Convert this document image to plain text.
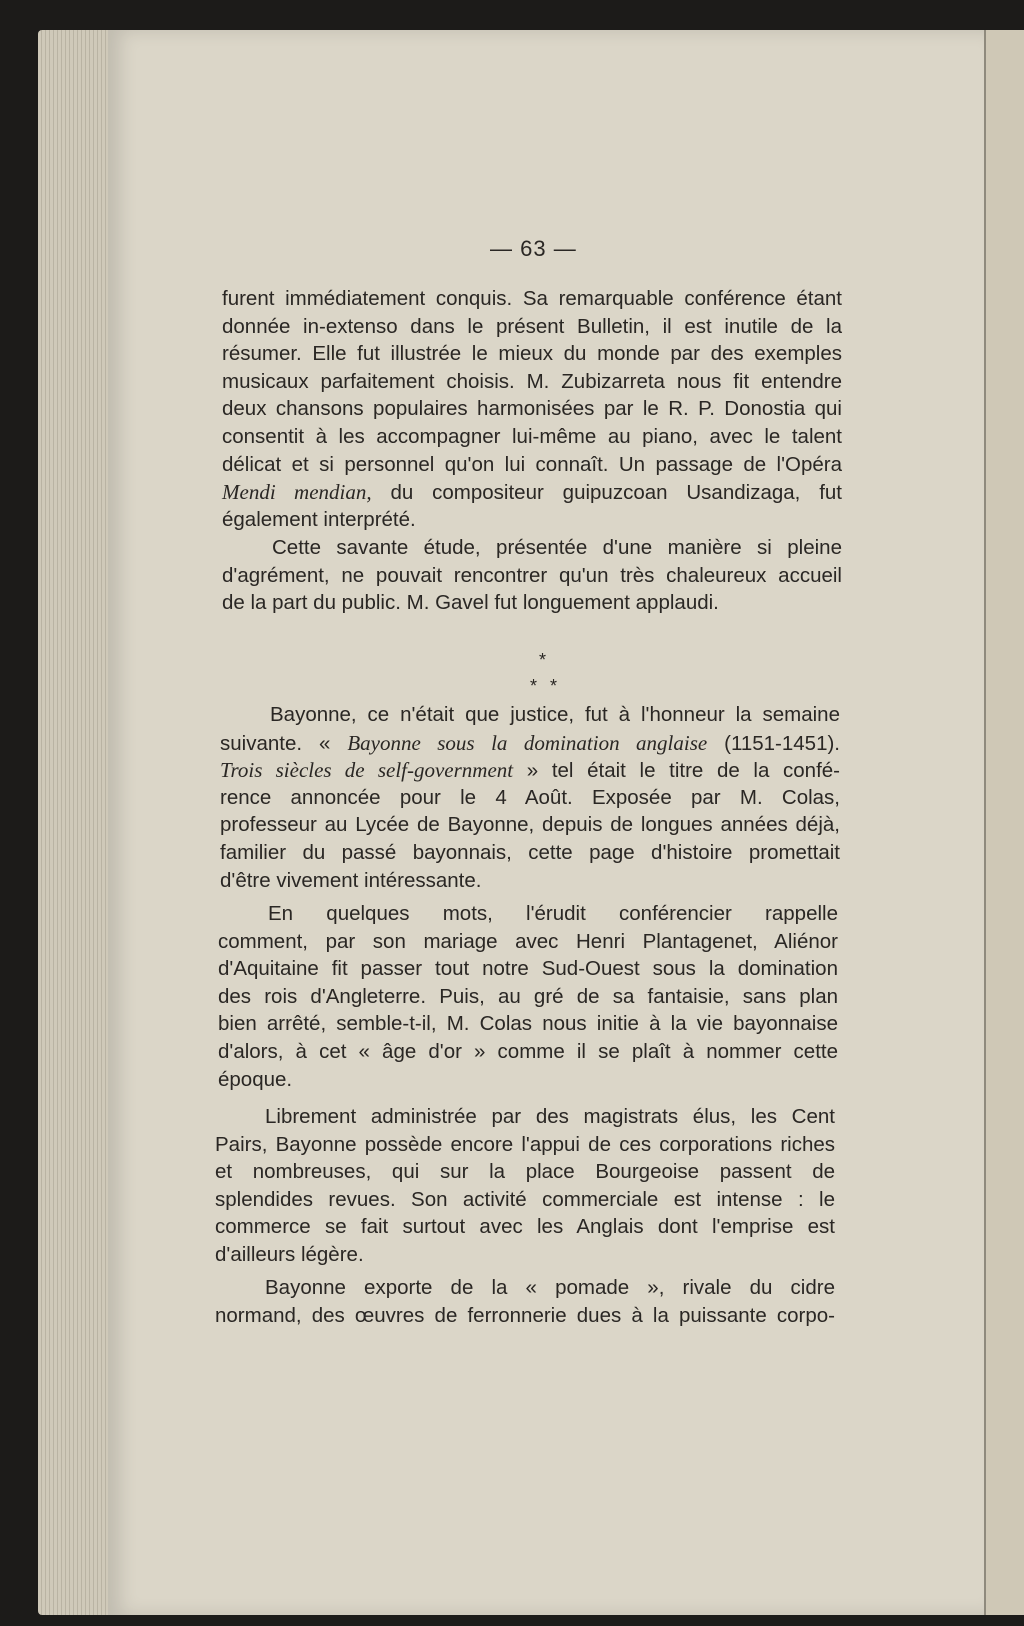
— 63 —
*
* *
furent immédiatement conquis. Sa remarquable conférence étant
donnée in-extenso dans le présent Bulletin, il est inutile de la
résumer. Elle fut illustrée le mieux du monde par des exemples
musicaux parfaitement choisis. M. Zubizarreta nous fit entendre
deux chansons populaires harmonisées par le R. P. Donostia qui
consentit à les accompagner lui-même au piano, avec le talent
délicat et si personnel qu'on lui connaît. Un passage de l'Opéra
Mendi mendian, du compositeur guipuzcoan Usandizaga, fut
également interprété.
Cette savante étude, présentée d'une manière si pleine
d'agrément, ne pouvait rencontrer qu'un très chaleureux accueil
de la part du public. M. Gavel fut longuement applaudi.
Bayonne, ce n'était que justice, fut à l'honneur la semaine
suivante. « Bayonne sous la domination anglaise (1151-1451).
Trois siècles de self-government » tel était le titre de la confé-
rence annoncée pour le 4 Août. Exposée par M. Colas,
professeur au Lycée de Bayonne, depuis de longues années déjà,
familier du passé bayonnais, cette page d'histoire promettait
d'être vivement intéressante.
En quelques mots, l'érudit conférencier rappelle
comment, par son mariage avec Henri Plantagenet, Aliénor
d'Aquitaine fit passer tout notre Sud-Ouest sous la domination
des rois d'Angleterre. Puis, au gré de sa fantaisie, sans plan
bien arrêté, semble-t-il, M. Colas nous initie à la vie bayonnaise
d'alors, à cet « âge d'or » comme il se plaît à nommer cette
époque.
Librement administrée par des magistrats élus, les Cent
Pairs, Bayonne possède encore l'appui de ces corporations riches
et nombreuses, qui sur la place Bourgeoise passent de
splendides revues. Son activité commerciale est intense : le
commerce se fait surtout avec les Anglais dont l'emprise est
d'ailleurs légère.
Bayonne exporte de la « pomade », rivale du cidre
normand, des œuvres de ferronnerie dues à la puissante corpo-
